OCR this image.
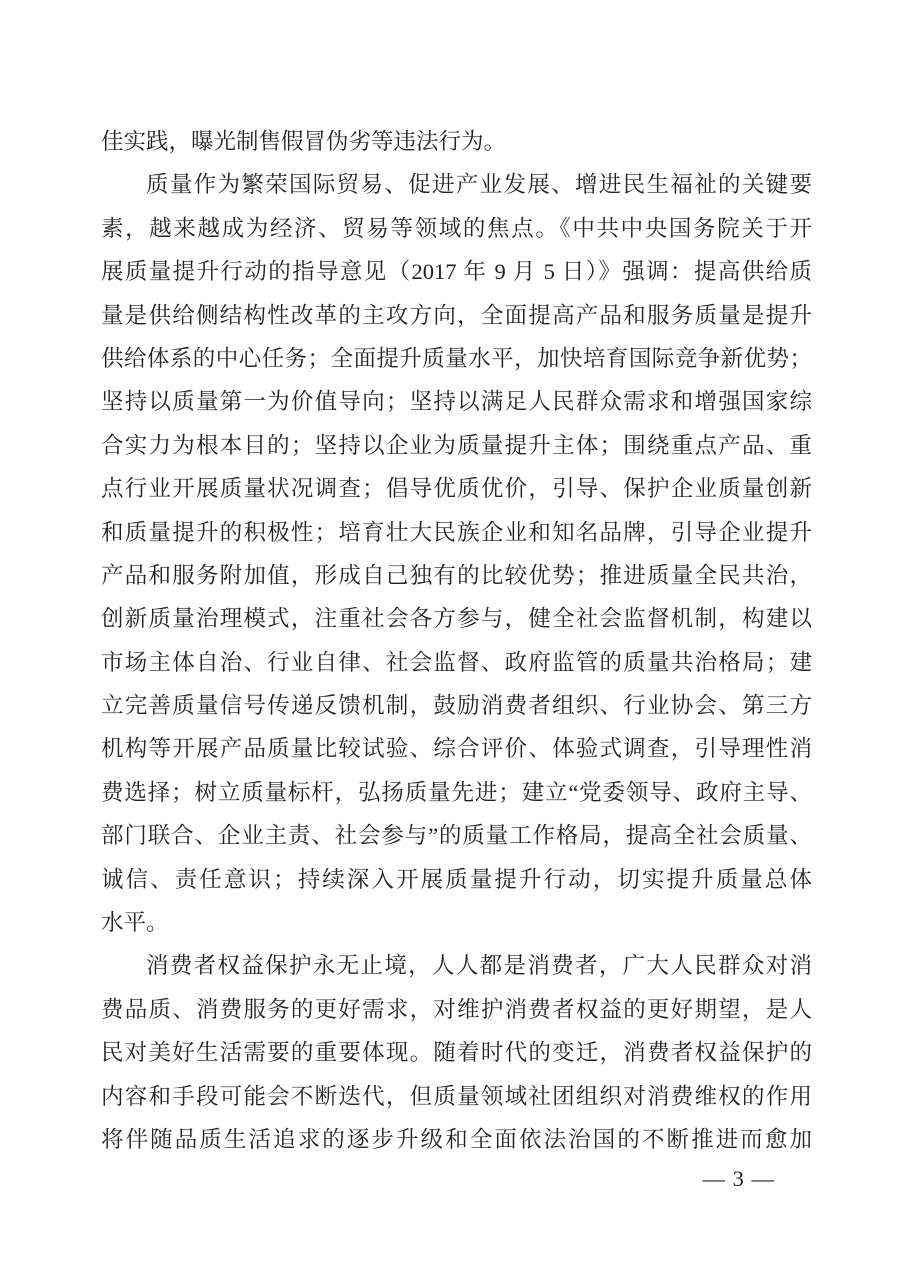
佳实践，曝光制售假冒伪劣等违法行为。
质量作为繁荣国际贸易、促进产业发展、增进民生福祉的关键要
素，越来越成为经济、贸易等领域的焦点。《中共中央国务院关于开
展质量提升行动的指导意见（2017 年 9 月 5 日）》强调：提高供给质
量是供给侧结构性改革的主攻方向，全面提高产品和服务质量是提升
供给体系的中心任务；全面提升质量水平，加快培育国际竞争新优势；
坚持以质量第一为价值导向；坚持以满足人民群众需求和增强国家综
合实力为根本目的；坚持以企业为质量提升主体；围绕重点产品、重
点行业开展质量状况调查；倡导优质优价，引导、保护企业质量创新
和质量提升的积极性；培育壮大民族企业和知名品牌，引导企业提升
产品和服务附加值，形成自己独有的比较优势；推进质量全民共治，
创新质量治理模式，注重社会各方参与，健全社会监督机制，构建以
市场主体自治、行业自律、社会监督、政府监管的质量共治格局；建
立完善质量信号传递反馈机制，鼓励消费者组织、行业协会、第三方
机构等开展产品质量比较试验、综合评价、体验式调查，引导理性消
费选择；树立质量标杆，弘扬质量先进；建立“党委领导、政府主导、
部门联合、企业主责、社会参与”的质量工作格局，提高全社会质量、
诚信、责任意识；持续深入开展质量提升行动，切实提升质量总体
水平。
消费者权益保护永无止境，人人都是消费者，广大人民群众对消
费品质、消费服务的更好需求，对维护消费者权益的更好期望，是人
民对美好生活需要的重要体现。随着时代的变迁，消费者权益保护的
内容和手段可能会不断迭代，但质量领域社团组织对消费维权的作用
将伴随品质生活追求的逐步升级和全面依法治国的不断推进而愈加
— 3 —
